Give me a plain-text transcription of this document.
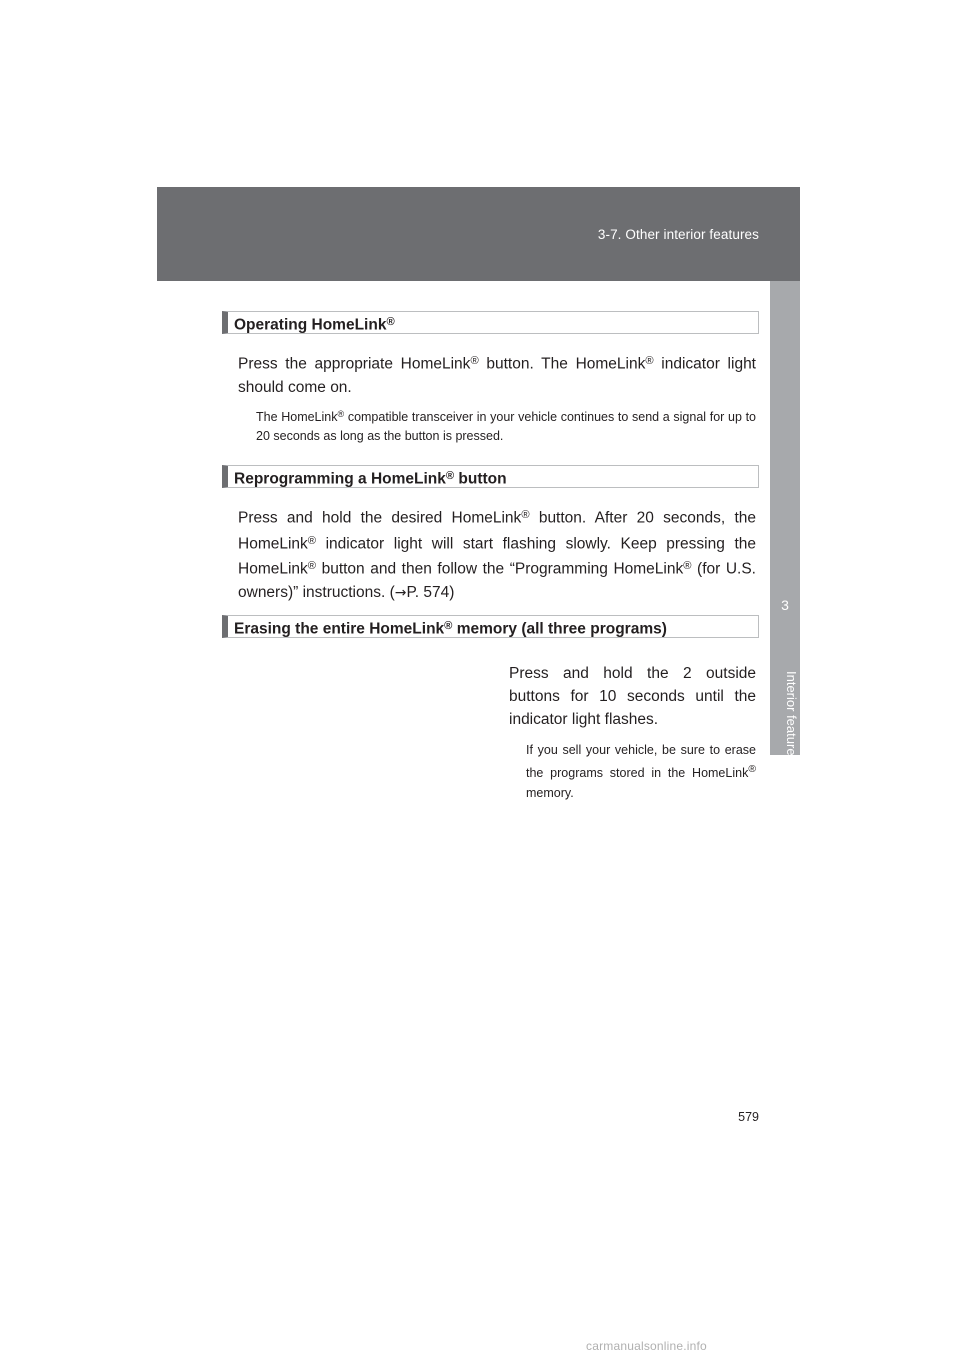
3-7. Other interior features
3
Interior features
Operating HomeLink®
Press the appropriate HomeLink® button. The HomeLink® indicator light should come on.
The HomeLink® compatible transceiver in your vehicle continues to send a signal for up to 20 seconds as long as the button is pressed.
Reprogramming a HomeLink® button
Press and hold the desired HomeLink® button. After 20 seconds, the HomeLink® indicator light will start flashing slowly. Keep pressing the HomeLink® button and then follow the “Programming HomeLink® (for U.S. owners)” instructions. (→P. 574)
Erasing the entire HomeLink® memory (all three programs)
Press and hold the 2 outside buttons for 10 seconds until the indicator light flashes.
If you sell your vehicle, be sure to erase the programs stored in the HomeLink® memory.
579
carmanualsonline.info
